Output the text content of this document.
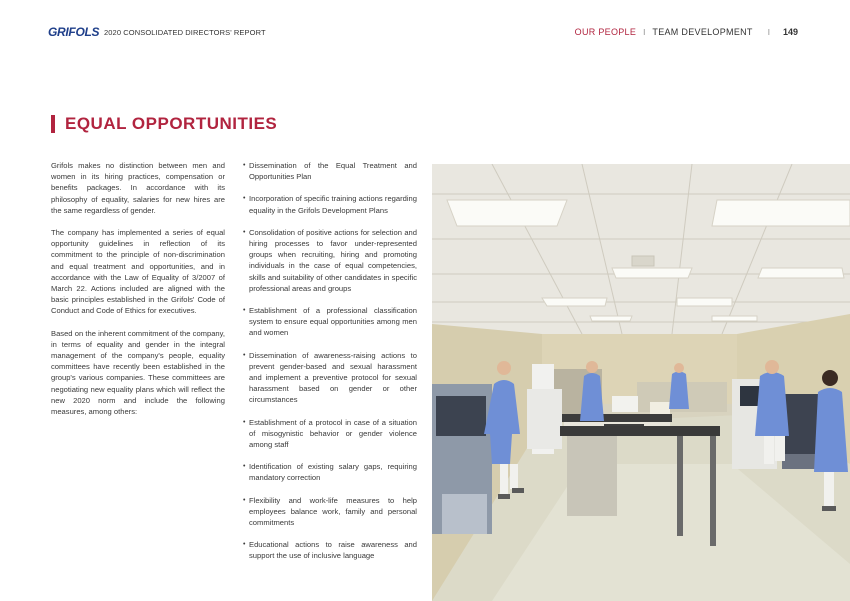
GRIFOLS 2020 CONSOLIDATED DIRECTORS' REPORT	OUR PEOPLE I TEAM DEVELOPMENT I 149
EQUAL OPPORTUNITIES

Grifols makes no distinction between men and women in its hiring practices, compensation or benefits packages. In accordance with its philosophy of equality, salaries for new hires are the same regardless of gender.

The company has implemented a series of equal opportunity guidelines in reflection of its commitment to the principle of non-discrimination and equal treatment and opportunities, and in accordance with the Law of Equality of 3/2007 of March 22. Actions included are aligned with the basic principles established in the Grifols' Code of Conduct and Code of Ethics for executives.

Based on the inherent commitment of the company, in terms of equality and gender in the integral management of the company's people, equality committees have recently been established in the group's various companies. These committees are negotiating new equality plans which will reflect the new 2020 norm and include the following measures, among others:

• Dissemination of the Equal Treatment and Opportunities Plan
• Incorporation of specific training actions regarding equality in the Grifols Development Plans
• Consolidation of positive actions for selection and hiring processes to favor under-represented groups when recruiting, hiring and promoting individuals in the case of equal competencies, skills and suitability of other candidates in specific professional areas and groups
• Establishment of a professional classification system to ensure equal opportunities among men and women
• Dissemination of awareness-raising actions to prevent gender-based and sexual harassment and implement a preventive protocol for sexual harassment based on gender or other circumstances
• Establishment of a protocol in case of a situation of misogynistic behavior or gender violence among staff
• Identification of existing salary gaps, requiring mandatory correction
• Flexibility and work-life measures to help employees balance work, family and personal commitments
• Educational actions to raise awareness and support the use of inclusive language
